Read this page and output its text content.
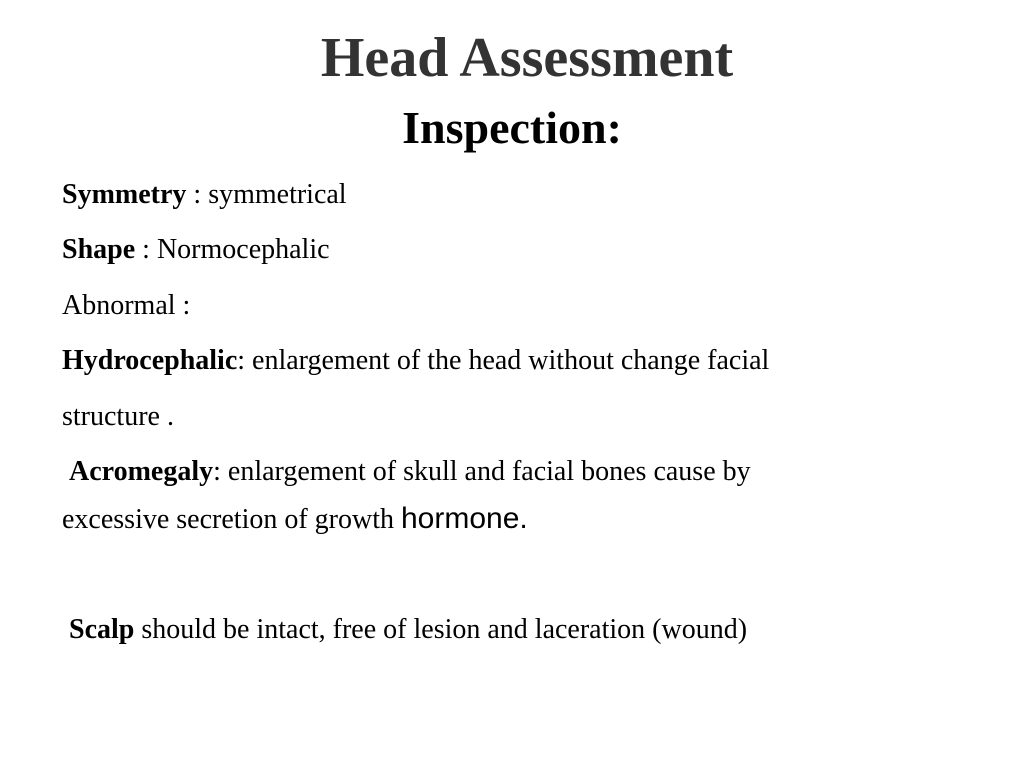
Head Assessment
Inspection:
Symmetry : symmetrical
Shape : Normocephalic
Abnormal :
Hydrocephalic: enlargement of the head without change facial
structure .
Acromegaly: enlargement of skull and facial bones cause by
excessive secretion of growth hormone.
Scalp should be intact, free of lesion and laceration (wound)
